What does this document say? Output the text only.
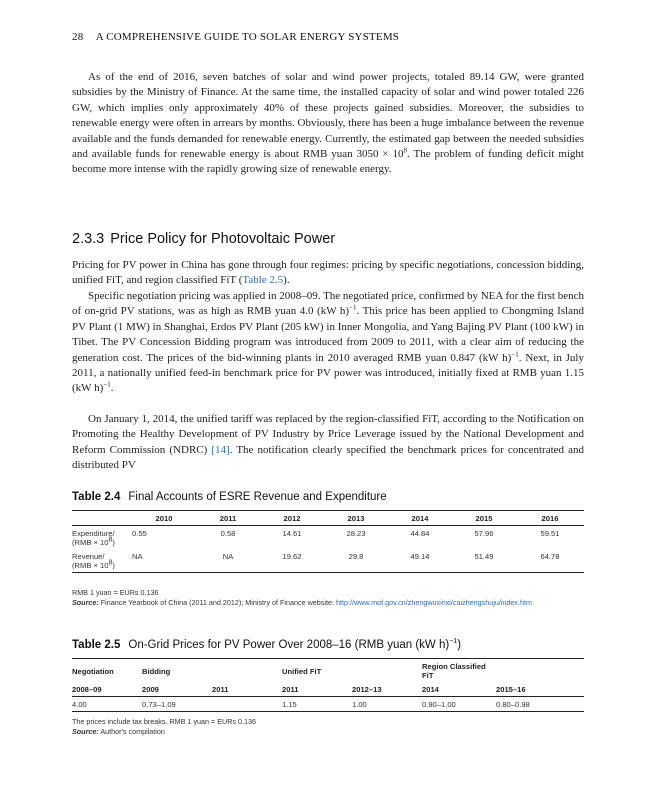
28 A COMPREHENSIVE GUIDE TO SOLAR ENERGY SYSTEMS

As of the end of 2016, seven batches of solar and wind power projects, totaled 89.14 GW, were granted subsidies by the Ministry of Finance. At the same time, the installed capacity of solar and wind power totaled 226 GW, which implies only approximately 40% of these projects gained subsidies. Moreover, the subsidies to renewable energy were often in arrears by months. Obviously, there has been a huge imbalance between the revenue available and the funds demanded for renewable energy. Currently, the estimated gap between the needed subsidies and available funds for renewable energy is about RMB yuan $3050 \times 10^8$. The problem of funding deficit might become more intense with the rapidly growing size of renewable energy.

2.3.3 Price Policy for Photovoltaic Power

Pricing for PV power in China has gone through four regimes: pricing by specific negotiations, concession bidding, unified FiT, and region classified FiT (Table 2.5).

Specific negotiation pricing was applied in 2008–09. The negotiated price, confirmed by NEA for the first bench of on-grid PV stations, was as high as RMB yuan 4.0 (kW h)$^{-1}$. This price has been applied to Chongming Island PV Plant (1 MW) in Shanghai, Erdos PV Plant (205 kW) in Inner Mongolia, and Yang Bajing PV Plant (100 kW) in Tibet. The PV Concession Bidding program was introduced from 2009 to 2011, with a clear aim of reducing the generation cost. The prices of the bid-winning plants in 2010 averaged RMB yuan 0.847 (kW h)$^{-1}$. Next, in July 2011, a nationally unified feed-in benchmark price for PV power was introduced, initially fixed at RMB yuan 1.15 (kW h)$^{-1}$.

On January 1, 2014, the unified tariff was replaced by the region-classified FiT, according to the Notification on Promoting the Healthy Development of PV Industry by Price Leverage issued by the National Development and Reform Commission (NDRC) [14]. The notification clearly specified the benchmark prices for concentrated and distributed PV

Table 2.4 Final Accounts of ESRE Revenue and Expenditure

	2010	2011	2012	2013	2014	2015	2016
Expenditure/
$(RMB \times 10^8)$	0.55	0.58	14.61	28.23	44.84	57.96	59.51
Revenue/
$(RMB \times 10^8)$	NA	NA	19.62	29.8	49.14	51.49	64.78

RMB 1 yuan = EURs 0.136
Source: Finance Yearbook of China (2011 and 2012); Ministry of Finance website: http://www.mof.gov.cn/zhengwuxinxi/caizhengshuju/index.htm

Table 2.5 On-Grid Prices for PV Power Over 2008–16 (RMB yuan (kW h)$^{-1}$)

Negotiation	Bidding		Unified FiT		Region Classified FiT	
2008–09	2009	2011	2011	2012–13	2014	2015–16
4.00	0.73–1.09		1.15	1.00	0.90–1.00	0.80–0.98

The prices include tax breaks. RMB 1 yuan = EURs 0.136
Source: Author's compilation
